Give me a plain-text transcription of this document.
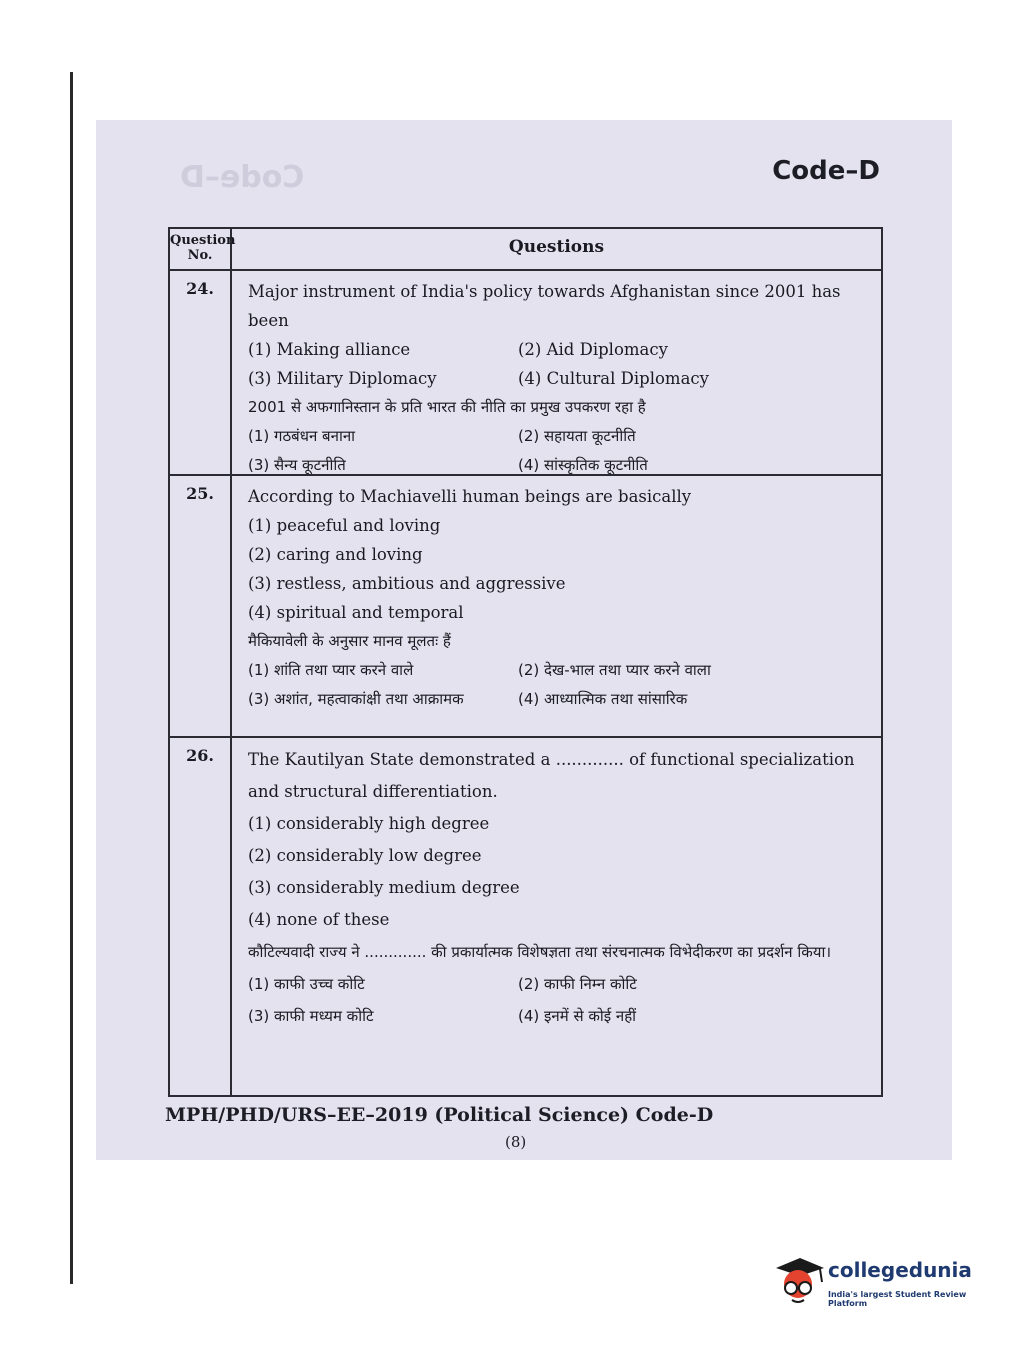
Code–D	Code–D
Question No.	Questions
24.	Major instrument of India's policy towards Afghanistan since 2001 has been
(1) Making alliance	(2) Aid Diplomacy
(3) Military Diplomacy	(4) Cultural Diplomacy
2001 से अफगानिस्तान के प्रति भारत की नीति का प्रमुख उपकरण रहा है
(1) गठबंधन बनाना	(2) सहायता कूटनीति
(3) सैन्य कूटनीति	(4) सांस्कृतिक कूटनीति
25.	According to Machiavelli human beings are basically
(1) peaceful and loving
(2) caring and loving
(3) restless, ambitious and aggressive
(4) spiritual and temporal
मैकियावेली के अनुसार मानव मूलतः हैं
(1) शांति तथा प्यार करने वाले	(2) देख-भाल तथा प्यार करने वाला
(3) अशांत, महत्वाकांक्षी तथा आक्रामक	(4) आध्यात्मिक तथा सांसारिक
26.	The Kautilyan State demonstrated a ............. of functional specialization and structural differentiation.
(1) considerably high degree
(2) considerably low degree
(3) considerably medium degree
(4) none of these
कौटिल्यवादी राज्य ने ............. की प्रकार्यात्मक विशेषज्ञता तथा संरचनात्मक विभेदीकरण का प्रदर्शन किया।
(1) काफी उच्च कोटि	(2) काफी निम्न कोटि
(3) काफी मध्यम कोटि	(4) इनमें से कोई नहीं
MPH/PHD/URS–EE–2019 (Political Science) Code-D
(8)
collegedunia
India's largest Student Review Platform
